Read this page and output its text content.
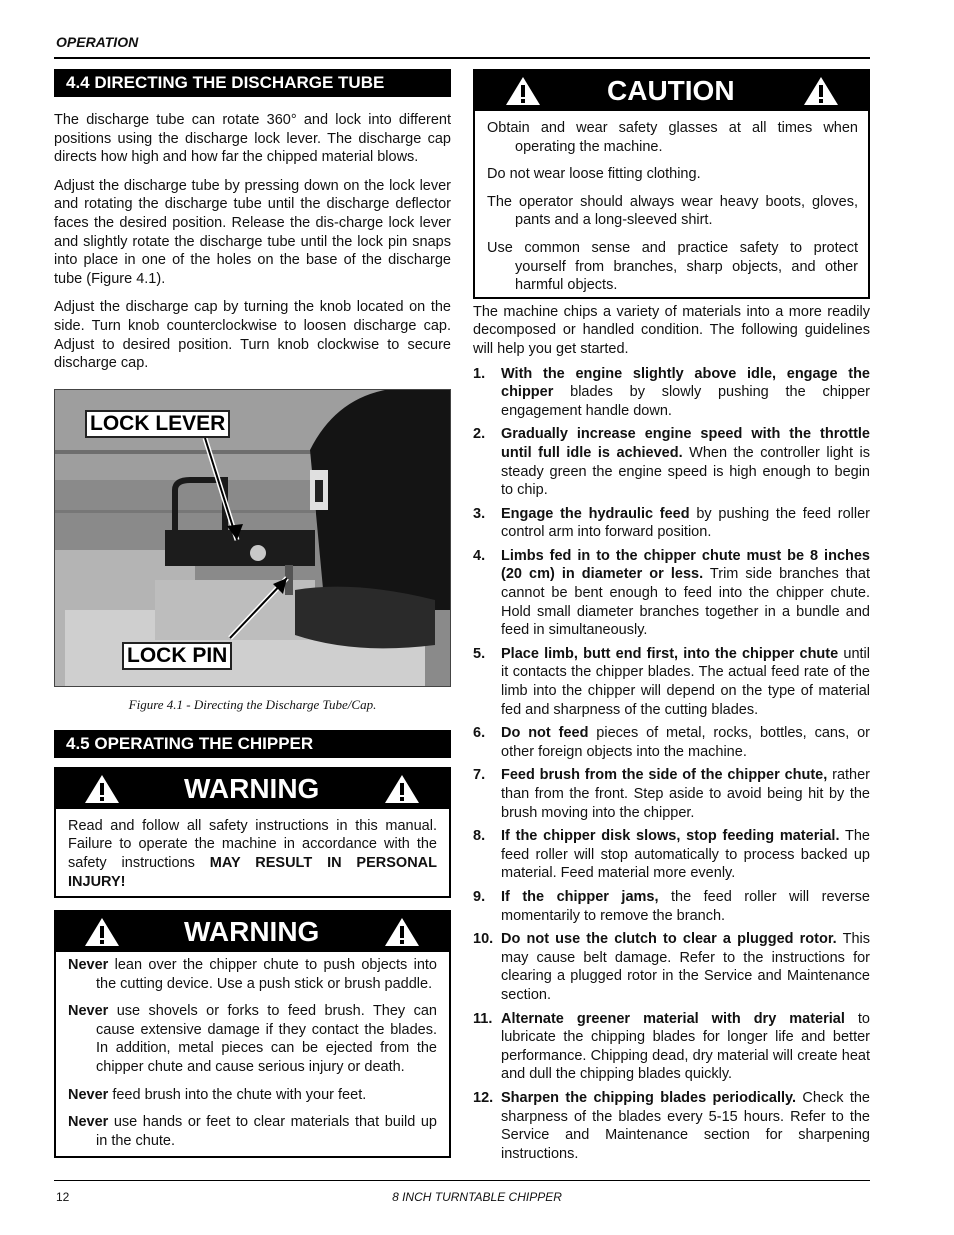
OPERATION
4.4 DIRECTING THE DISCHARGE TUBE

The discharge tube can rotate 360° and lock into different positions using the discharge lock lever. The discharge cap directs how high and how far the chipped material blows.

Adjust the discharge tube by pressing down on the lock lever and rotating the discharge tube until the discharge deflector faces the desired position. Release the dis-charge lock lever and slightly rotate the discharge tube until the lock pin snaps into place in one of the holes on the base of the discharge tube (Figure 4.1).

Adjust the discharge cap by turning the knob located on the side. Turn knob counterclockwise to loosen discharge cap. Adjust to desired position. Turn knob clockwise to secure discharge cap.

LOCK LEVER
LOCK PIN
Figure 4.1 - Directing the Discharge Tube/Cap.
4.5 OPERATING THE CHIPPER
WARNING

Read and follow all safety instructions in this manual. Failure to operate the machine in accordance with the safety instructions MAY RESULT IN PERSONAL INJURY!

WARNING

Never lean over the chipper chute to push objects into the cutting device. Use a push stick or brush paddle.

Never use shovels or forks to feed brush. They can cause extensive damage if they contact the blades. In addition, metal pieces can be ejected from the chipper chute and cause serious injury or death.

Never feed brush into the chute with your feet.

Never use hands or feet to clear materials that build up in the chute.

CAUTION

Obtain and wear safety glasses at all times when operating the machine.

Do not wear loose fitting clothing.

The operator should always wear heavy boots, gloves, pants and a long-sleeved shirt.

Use common sense and practice safety to protect yourself from branches, sharp objects, and other harmful objects.

The machine chips a variety of materials into a more readily decomposed or handled condition. The following guidelines will help you get started.

1. With the engine slightly above idle, engage the chipper blades by slowly pushing the chipper engagement handle down.
2. Gradually increase engine speed with the throttle until full idle is achieved. When the controller light is steady green the engine speed is high enough to begin to chip.
3. Engage the hydraulic feed by pushing the feed roller control arm into forward position.
4. Limbs fed in to the chipper chute must be 8 inches (20 cm) in diameter or less. Trim side branches that cannot be bent enough to feed into the chipper chute. Hold small diameter branches together in a bundle and feed in simultaneously.
5. Place limb, butt end first, into the chipper chute until it contacts the chipper blades. The actual feed rate of the limb into the chipper will depend on the type of material fed and sharpness of the cutting blades.
6. Do not feed pieces of metal, rocks, bottles, cans, or other foreign objects into the machine.
7. Feed brush from the side of the chipper chute, rather than from the front. Step aside to avoid being hit by the brush moving into the chipper.
8. If the chipper disk slows, stop feeding material. The feed roller will stop automatically to process backed up material. Feed material more evenly.
9. If the chipper jams, the feed roller will reverse momentarily to remove the branch.
10. Do not use the clutch to clear a plugged rotor. This may cause belt damage. Refer to the instructions for clearing a plugged rotor in the Service and Maintenance section.
11. Alternate greener material with dry material to lubricate the chipping blades for longer life and better performance. Chipping dead, dry material will create heat and dull the chipping blades quickly.
12. Sharpen the chipping blades periodically. Check the sharpness of the blades every 5-15 hours. Refer to the Service and Maintenance section for sharpening instructions.
12	8 INCH TURNTABLE CHIPPER
